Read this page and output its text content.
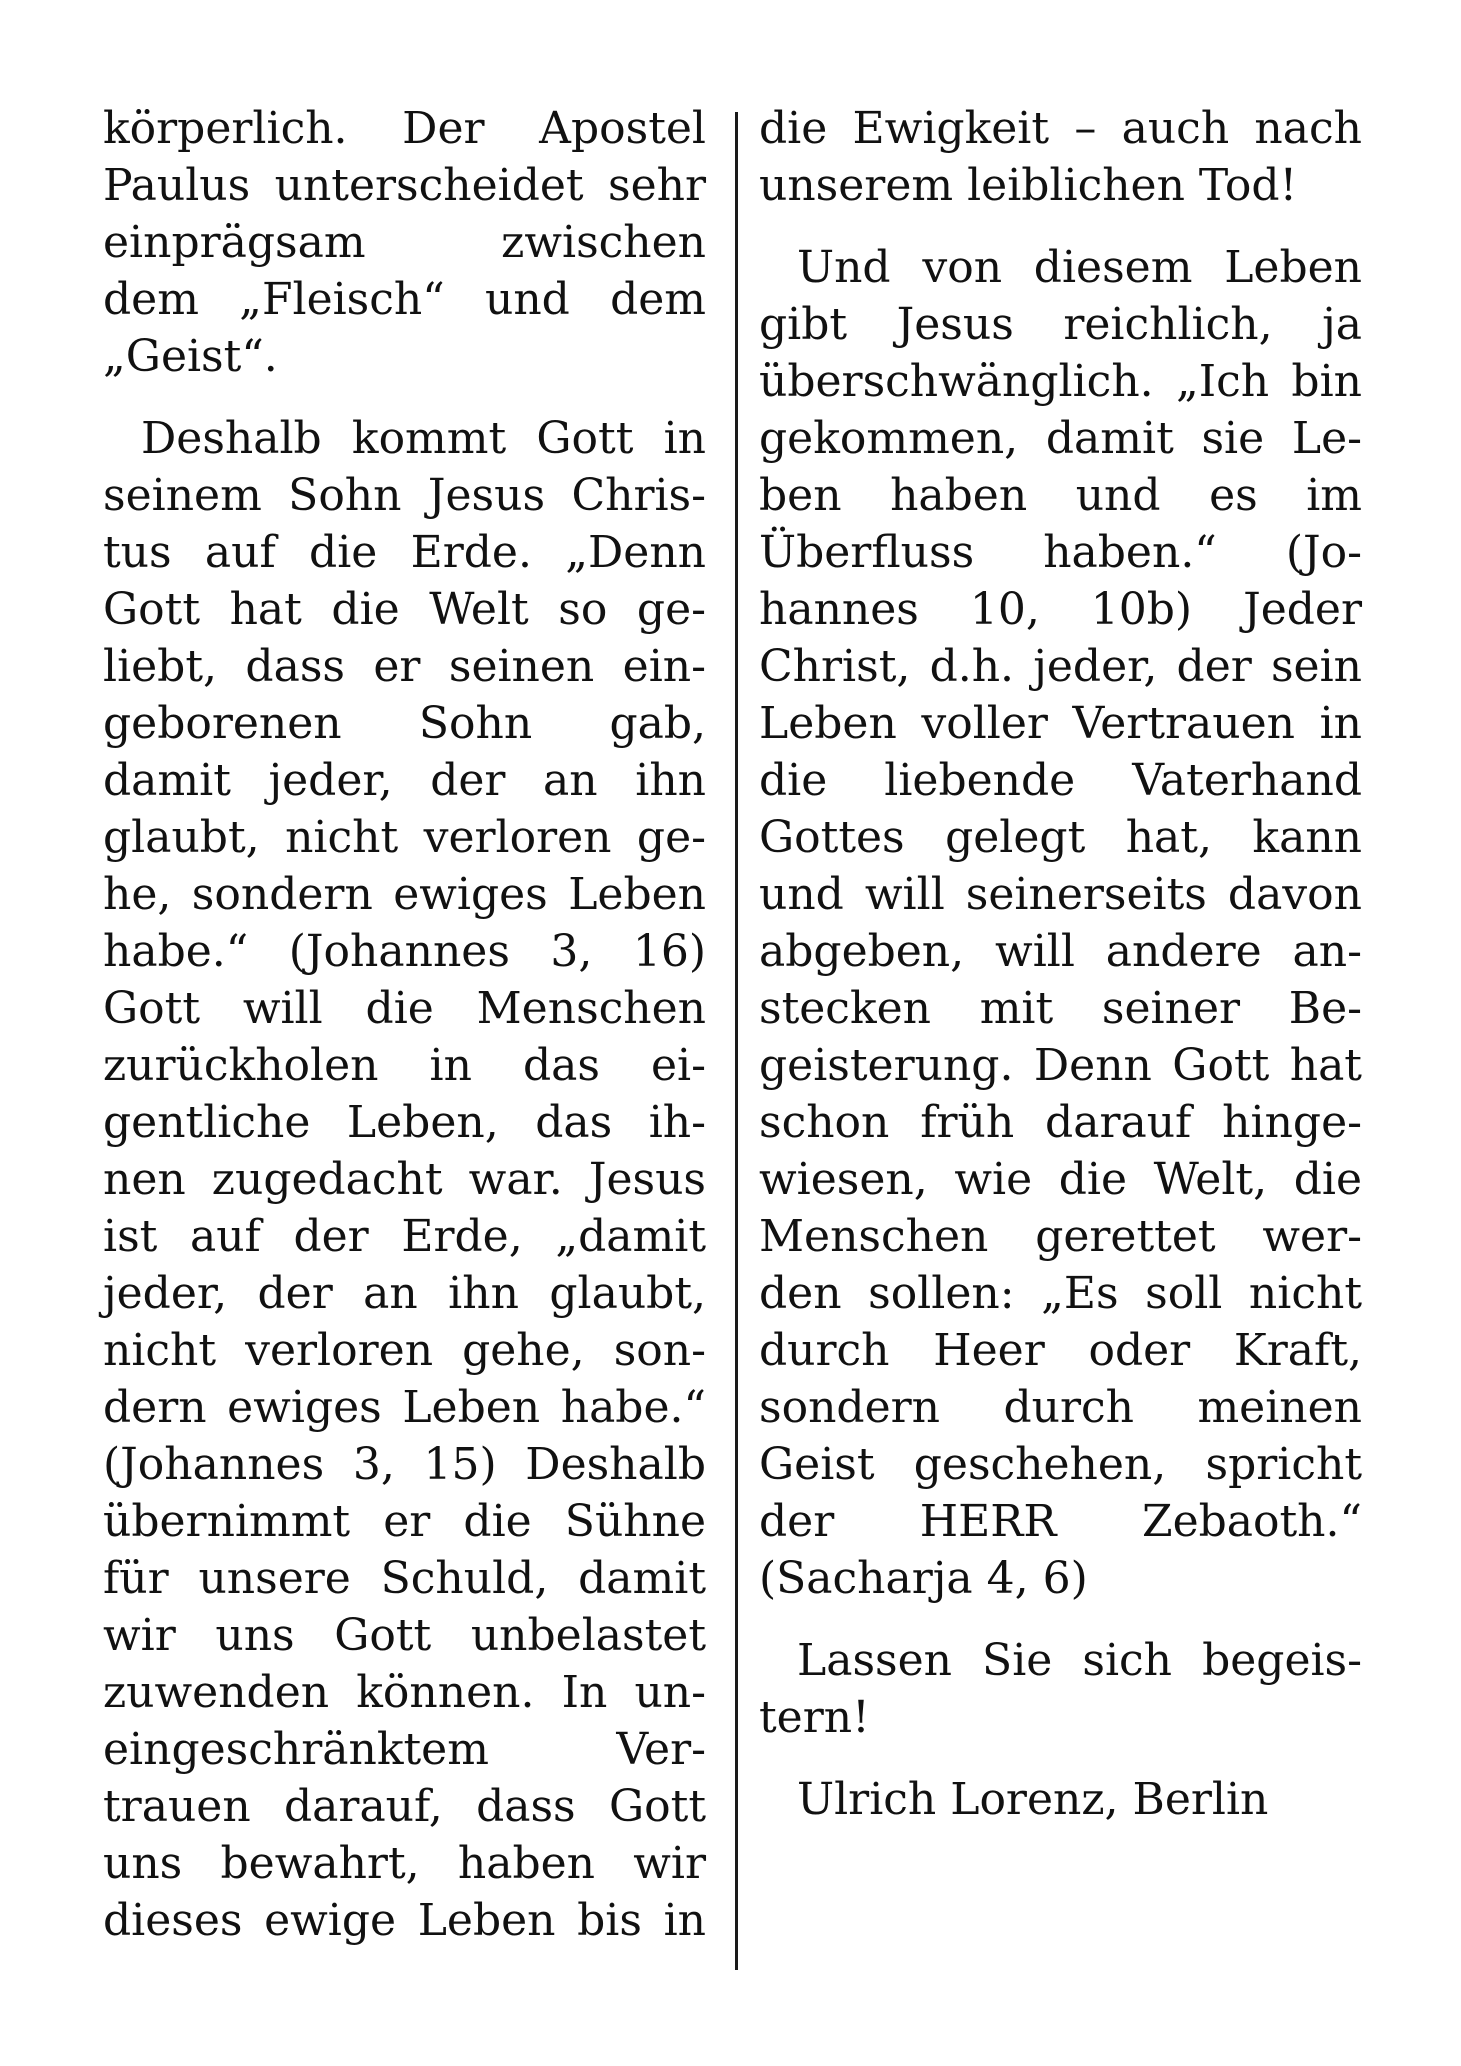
körperlich. Der Apostel
Paulus unterscheidet sehr
einprägsam zwischen
dem „Fleisch“ und dem
„Geist“.
Deshalb kommt Gott in
seinem Sohn Jesus Chris-
tus auf die Erde. „Denn
Gott hat die Welt so ge-
liebt, dass er seinen ein-
geborenen Sohn gab,
damit jeder, der an ihn
glaubt, nicht verloren ge-
he, sondern ewiges Leben
habe.“ (Johannes 3, 16)
Gott will die Menschen
zurückholen in das ei-
gentliche Leben, das ih-
nen zugedacht war. Jesus
ist auf der Erde, „damit
jeder, der an ihn glaubt,
nicht verloren gehe, son-
dern ewiges Leben habe.“
(Johannes 3, 15) Deshalb
übernimmt er die Sühne
für unsere Schuld, damit
wir uns Gott unbelastet
zuwenden können. In un-
eingeschränktem Ver-
trauen darauf, dass Gott
uns bewahrt, haben wir
dieses ewige Leben bis in
die Ewigkeit – auch nach
unserem leiblichen Tod!
Und von diesem Leben
gibt Jesus reichlich, ja
überschwänglich. „Ich bin
gekommen, damit sie Le-
ben haben und es im
Überfluss haben.“ (Jo-
hannes 10, 10b) Jeder
Christ, d.h. jeder, der sein
Leben voller Vertrauen in
die liebende Vaterhand
Gottes gelegt hat, kann
und will seinerseits davon
abgeben, will andere an-
stecken mit seiner Be-
geisterung. Denn Gott hat
schon früh darauf hinge-
wiesen, wie die Welt, die
Menschen gerettet wer-
den sollen: „Es soll nicht
durch Heer oder Kraft,
sondern durch meinen
Geist geschehen, spricht
der HERR Zebaoth.“
(Sacharja 4, 6)
Lassen Sie sich begeis-
tern!
Ulrich Lorenz, Berlin
